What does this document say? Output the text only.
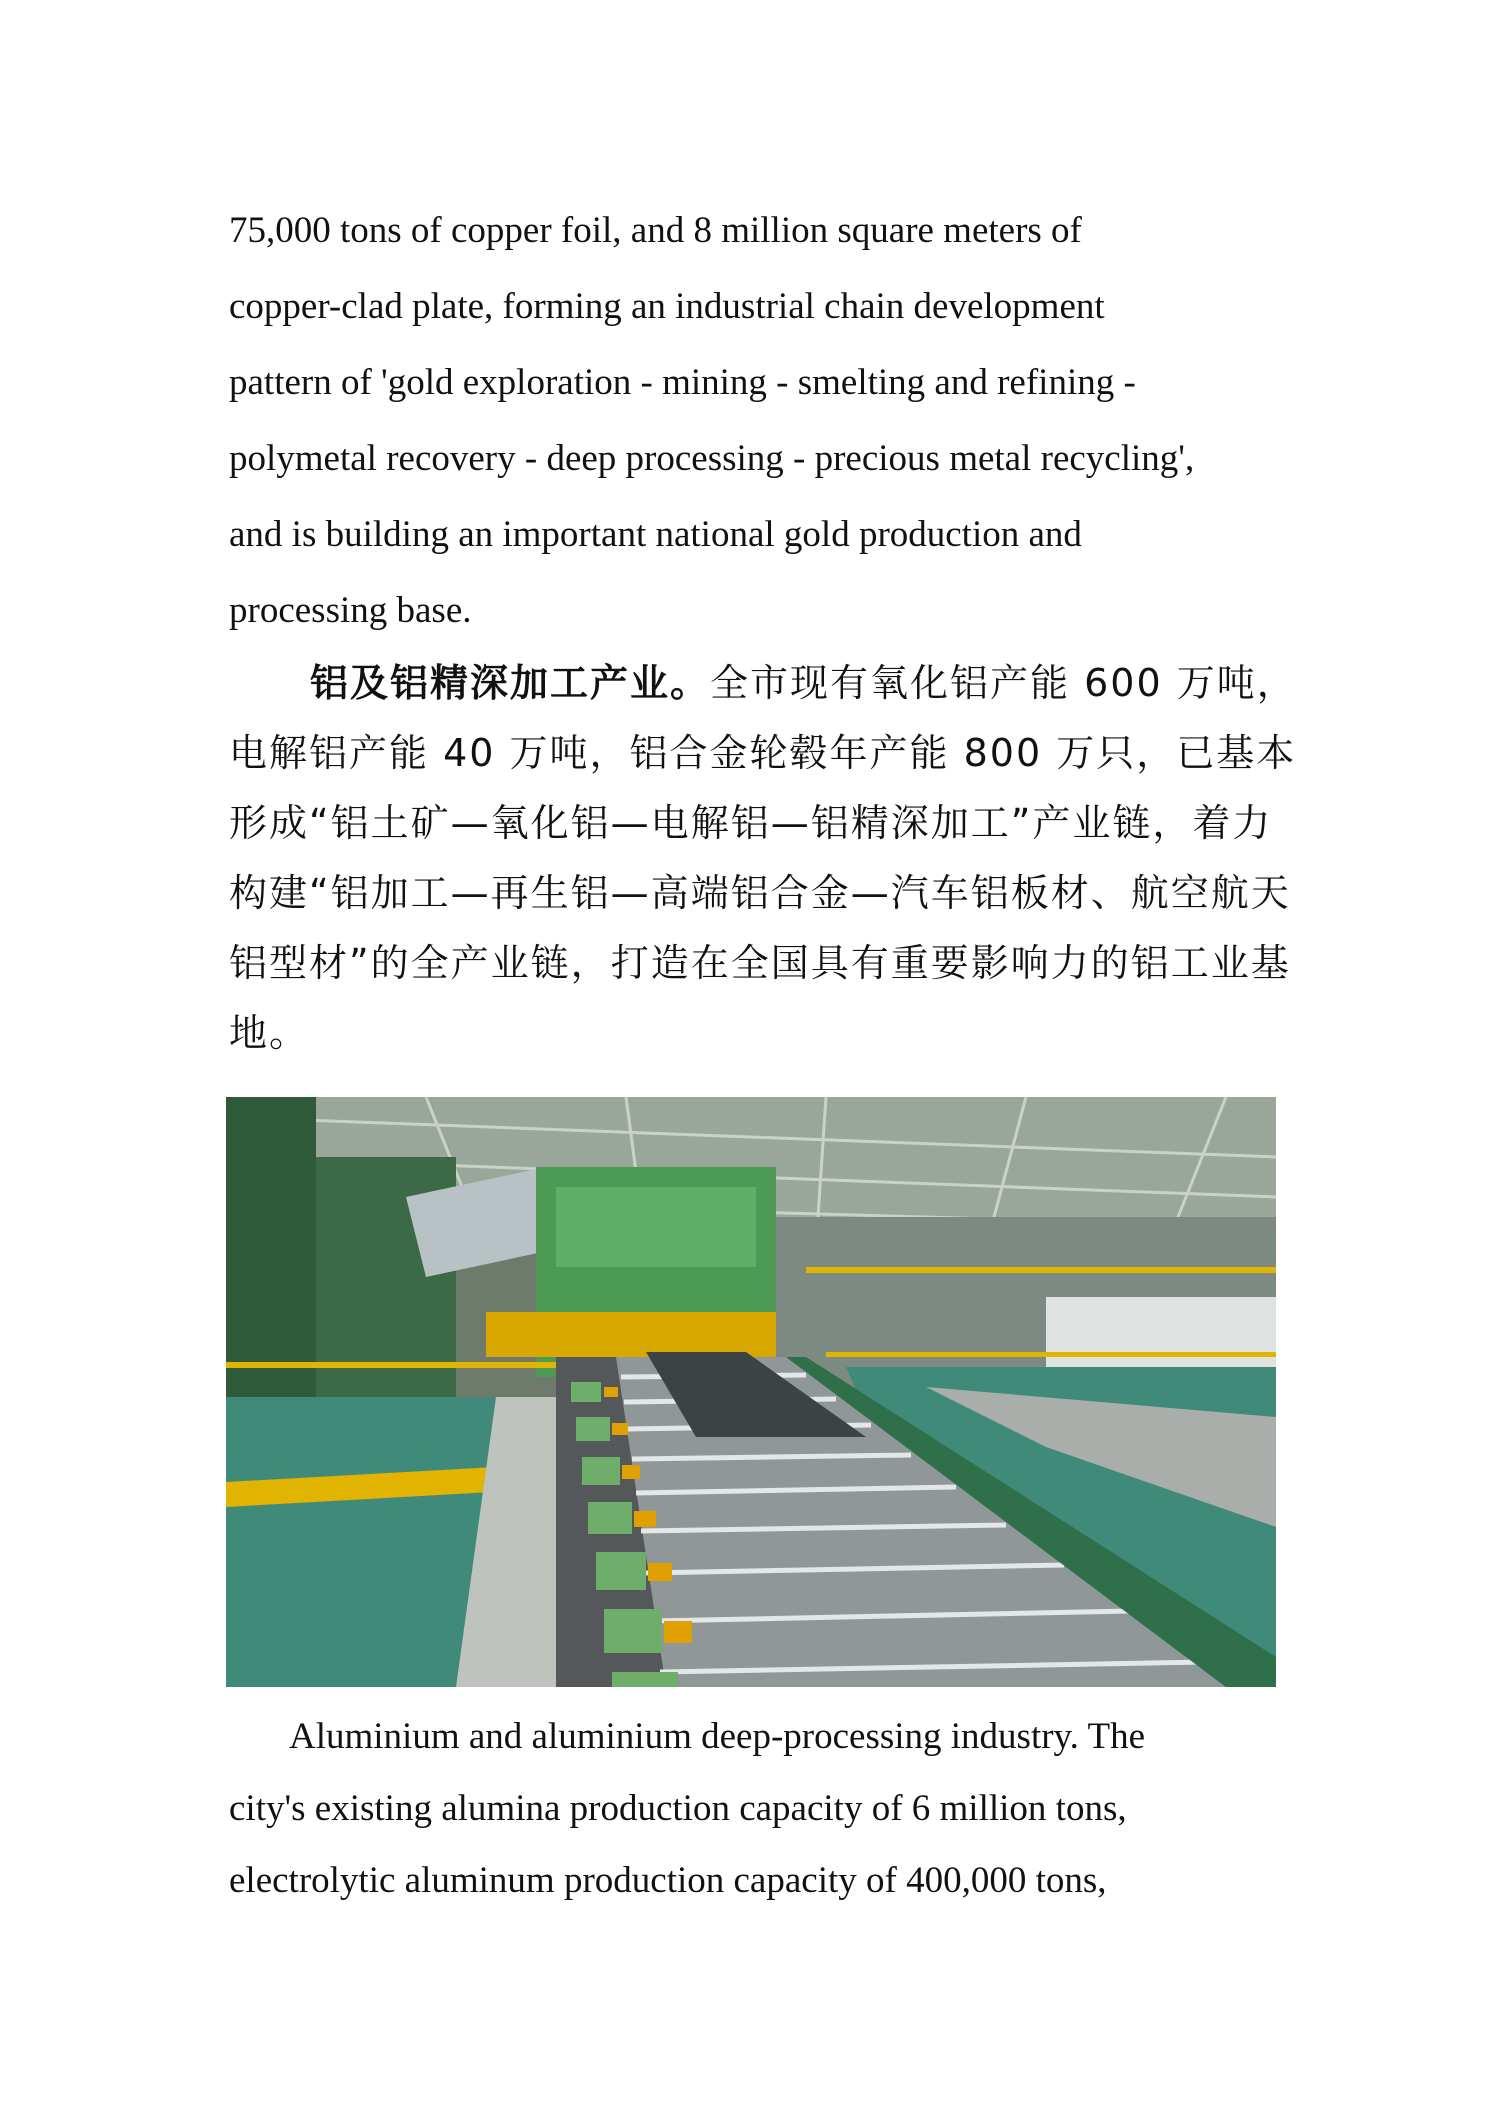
75,000 tons of copper foil, and 8 million square meters of
copper-clad plate, forming an industrial chain development
pattern of 'gold exploration - mining - smelting and refining -
polymetal recovery - deep processing - precious metal recycling',
and is building an important national gold production and
processing base.
铝及铝精深加工产业。全市现有氧化铝产能 600 万吨，
电解铝产能 40 万吨，铝合金轮毂年产能 800 万只，已基本
形成“铝土矿—氧化铝—电解铝—铝精深加工”产业链，着力
构建“铝加工—再生铝—高端铝合金—汽车铝板材、航空航天
铝型材”的全产业链，打造在全国具有重要影响力的铝工业基
地。
Aluminium and aluminium deep-processing industry. The
city's existing alumina production capacity of 6 million tons,
electrolytic aluminum production capacity of 400,000 tons,
